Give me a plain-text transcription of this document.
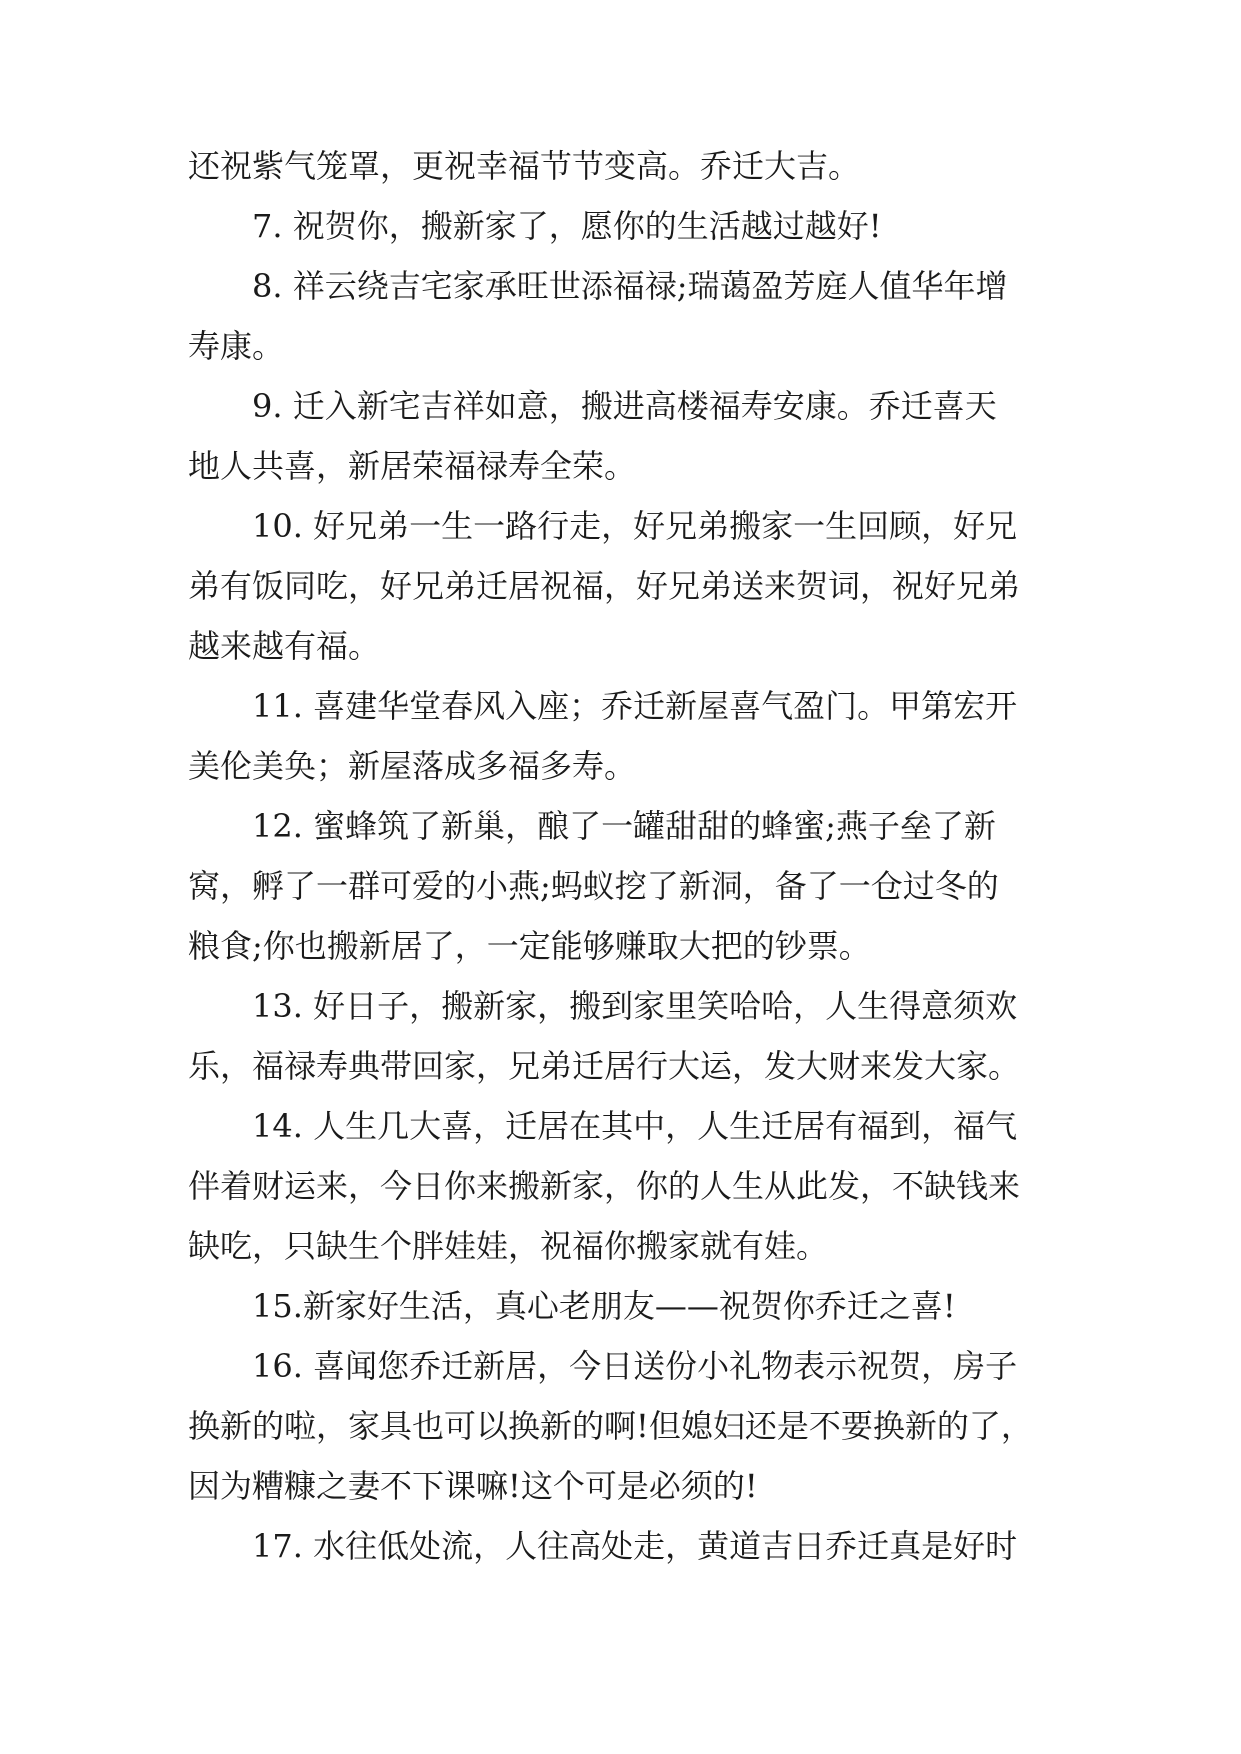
还祝紫气笼罩，更祝幸福节节变高。乔迁大吉。
7. 祝贺你，搬新家了，愿你的生活越过越好!
8. 祥云绕吉宅家承旺世添福禄;瑞蔼盈芳庭人值华年增
寿康。
9. 迁入新宅吉祥如意，搬进高楼福寿安康。乔迁喜天
地人共喜，新居荣福禄寿全荣。
10. 好兄弟一生一路行走，好兄弟搬家一生回顾，好兄
弟有饭同吃，好兄弟迁居祝福，好兄弟送来贺词，祝好兄弟
越来越有福。
11. 喜建华堂春风入座；乔迁新屋喜气盈门。甲第宏开
美伦美奂；新屋落成多福多寿。
12. 蜜蜂筑了新巢，酿了一罐甜甜的蜂蜜;燕子垒了新
窝，孵了一群可爱的小燕;蚂蚁挖了新洞，备了一仓过冬的
粮食;你也搬新居了，一定能够赚取大把的钞票。
13. 好日子，搬新家，搬到家里笑哈哈，人生得意须欢
乐，福禄寿典带回家，兄弟迁居行大运，发大财来发大家。
14. 人生几大喜，迁居在其中，人生迁居有福到，福气
伴着财运来，今日你来搬新家，你的人生从此发，不缺钱来
缺吃，只缺生个胖娃娃，祝福你搬家就有娃。
15.新家好生活，真心老朋友——祝贺你乔迁之喜!
16. 喜闻您乔迁新居，今日送份小礼物表示祝贺，房子
换新的啦，家具也可以换新的啊!但媳妇还是不要换新的了，
因为糟糠之妻不下课嘛!这个可是必须的!
17. 水往低处流，人往高处走，黄道吉日乔迁真是好时
